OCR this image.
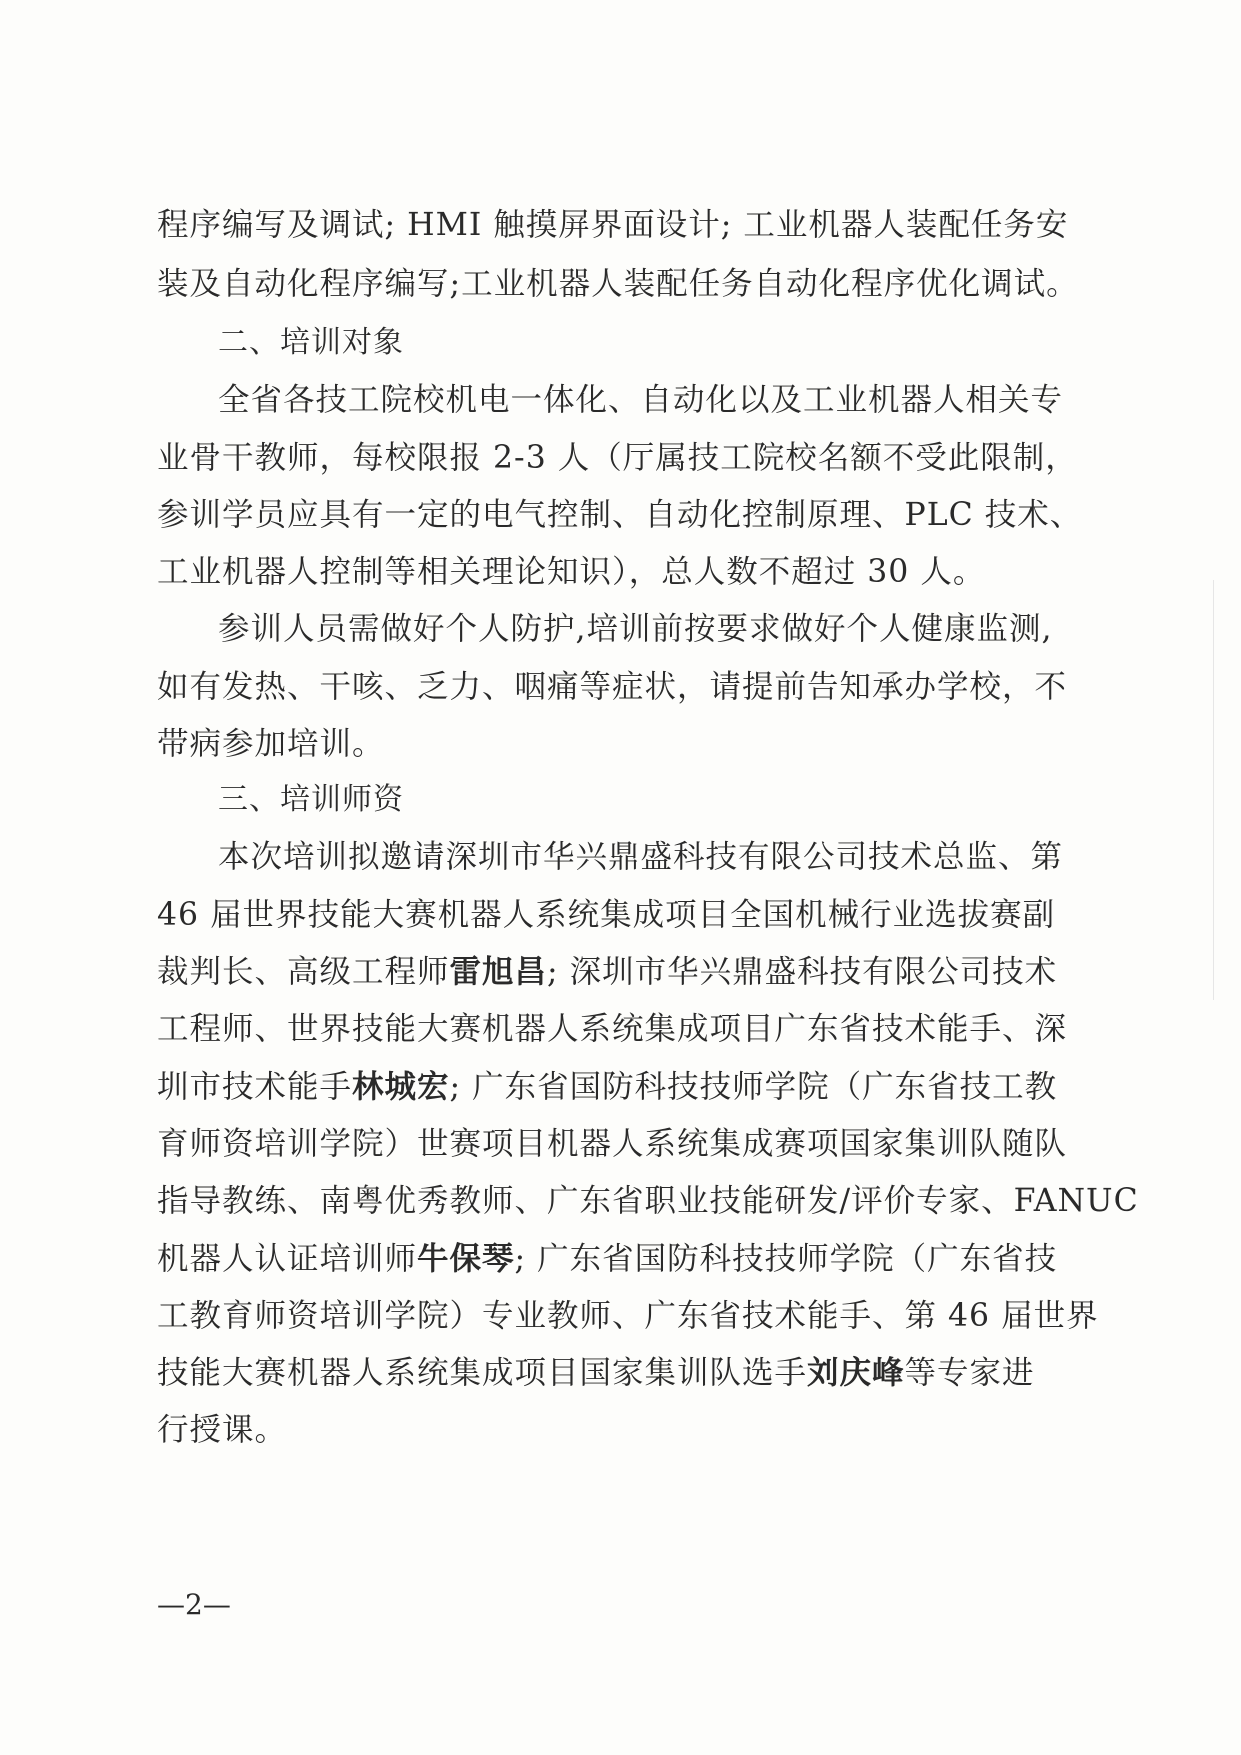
程序编写及调试; HMI 触摸屏界面设计; 工业机器人装配任务安
装及自动化程序编写;工业机器人装配任务自动化程序优化调试。
二、培训对象
全省各技工院校机电一体化、自动化以及工业机器人相关专
业骨干教师，每校限报 2-3 人（厅属技工院校名额不受此限制，
参训学员应具有一定的电气控制、自动化控制原理、PLC 技术、
工业机器人控制等相关理论知识），总人数不超过 30 人。
参训人员需做好个人防护,培训前按要求做好个人健康监测,
如有发热、干咳、乏力、咽痛等症状，请提前告知承办学校，不
带病参加培训。
三、培训师资
本次培训拟邀请深圳市华兴鼎盛科技有限公司技术总监、第
46 届世界技能大赛机器人系统集成项目全国机械行业选拔赛副
裁判长、高级工程师雷旭昌; 深圳市华兴鼎盛科技有限公司技术
工程师、世界技能大赛机器人系统集成项目广东省技术能手、深
圳市技术能手林城宏; 广东省国防科技技师学院（广东省技工教
育师资培训学院）世赛项目机器人系统集成赛项国家集训队随队
指导教练、南粤优秀教师、广东省职业技能研发/评价专家、FANUC
机器人认证培训师牛保琴; 广东省国防科技技师学院（广东省技
工教育师资培训学院）专业教师、广东省技术能手、第 46 届世界
技能大赛机器人系统集成项目国家集训队选手刘庆峰等专家进
行授课。
—2—
